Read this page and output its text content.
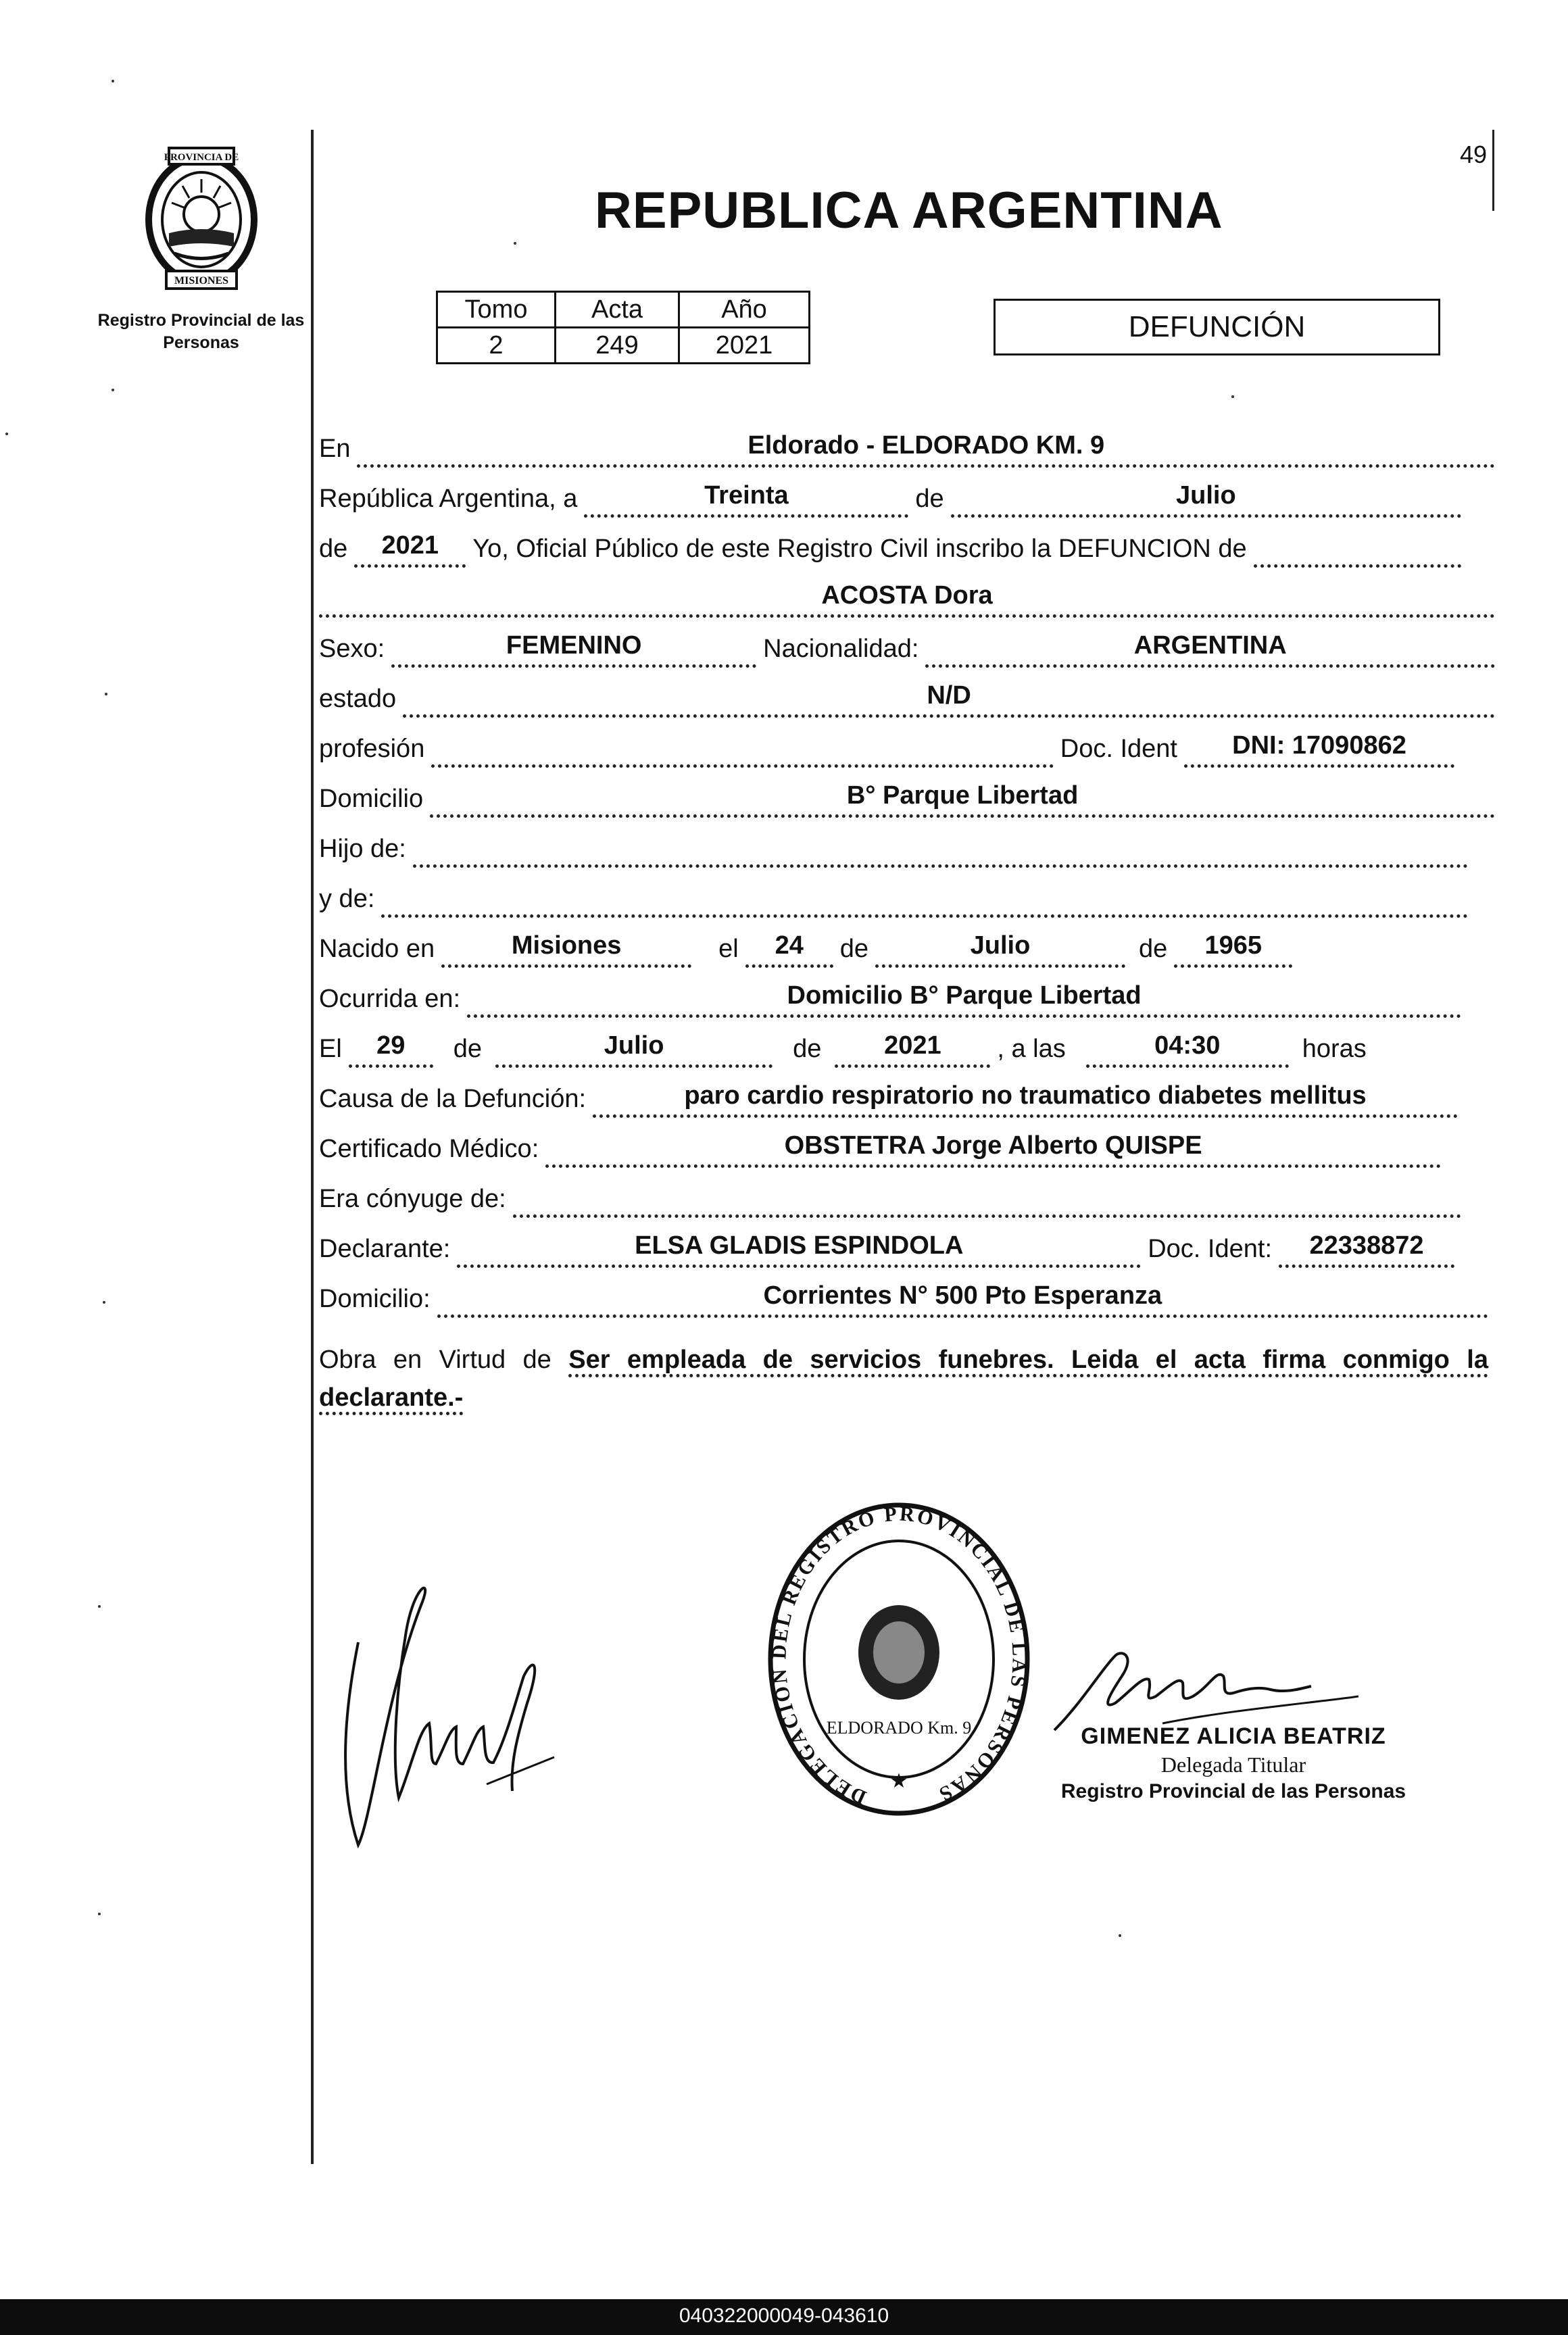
PROVINCIA DE
MISIONES
Registro Provincial de las Personas
49
REPUBLICA ARGENTINA
Tomo	Acta	Año
2	249	2021
DEFUNCIÓN
En	Eldorado - ELDORADO KM. 9
República Argentina, a	Treinta	de	Julio
de	2021	Yo, Oficial Público de este Registro Civil inscribo la DEFUNCION de
ACOSTA Dora
Sexo:	FEMENINO	Nacionalidad:	ARGENTINA
estado	N/D
profesión	Doc. Ident	DNI: 17090862
Domicilio	B° Parque Libertad
Hijo de:
y de:
Nacido en	Misiones	el	24	de	Julio	de	1965
Ocurrida en:	Domicilio B° Parque Libertad
El	29	de	Julio	de	2021	, a las	04:30	horas
Causa de la Defunción:	paro cardio respiratorio no traumatico diabetes mellitus
Certificado Médico:	OBSTETRA Jorge Alberto QUISPE
Era cónyuge de:
Declarante:	ELSA GLADIS ESPINDOLA	Doc. Ident:	22338872
Domicilio:	Corrientes N° 500 Pto Esperanza
Obra en Virtud de Ser empleada de servicios funebres. Leida el acta firma conmigo la declarante.-
DELEGACION DEL REGISTRO PROVINCIAL DE LAS PERSONAS
ELDORADO Km. 9
★
GIMENEZ ALICIA BEATRIZ
Delegada Titular
Registro Provincial de las Personas
040322000049-043610
